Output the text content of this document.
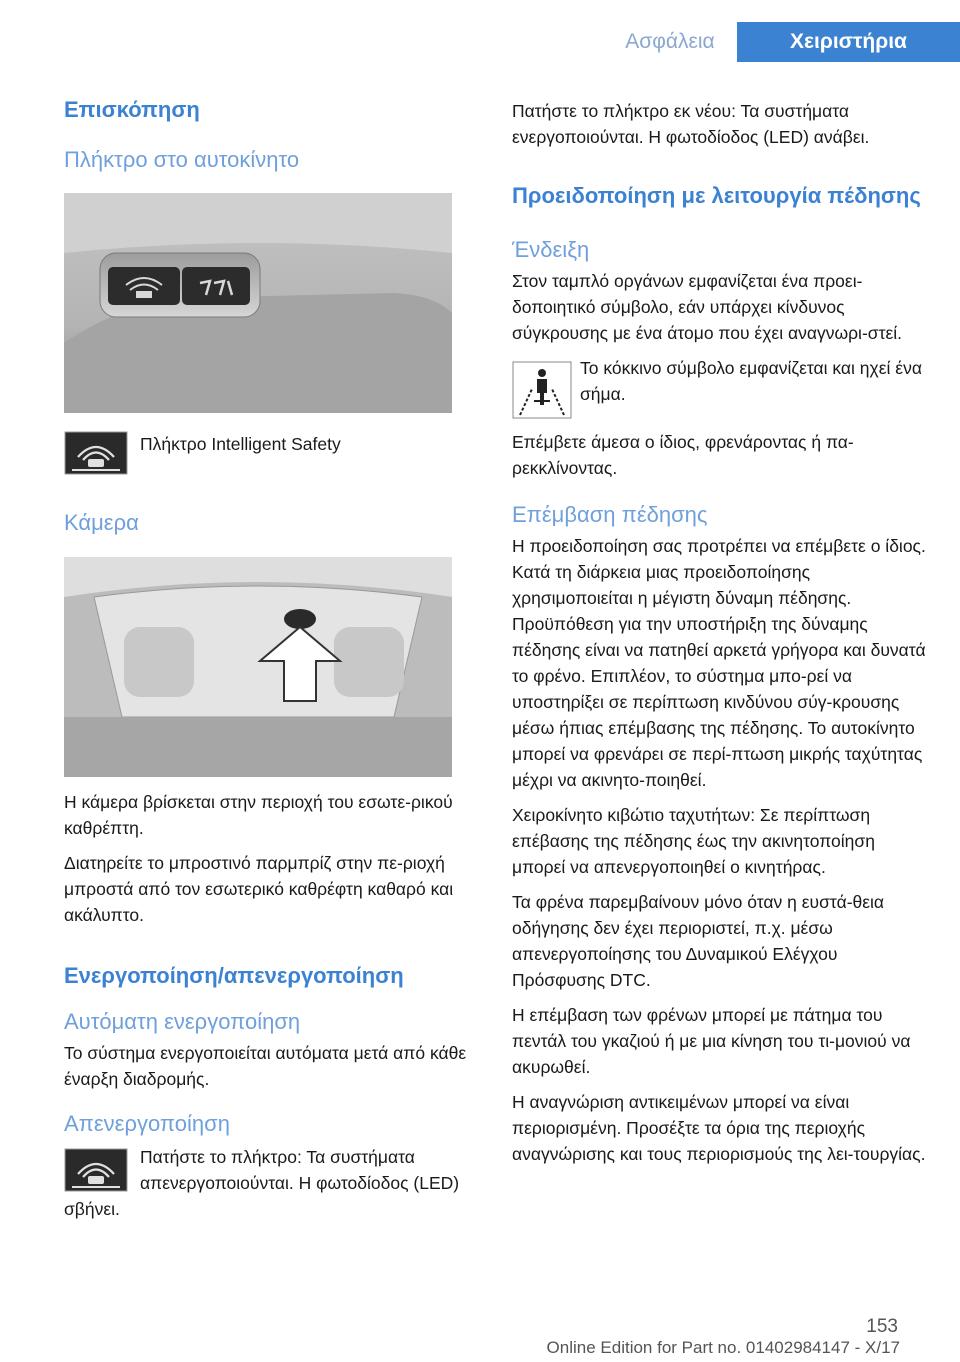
Ασφάλεια	Χειριστήρια
Επισκόπηση
Πλήκτρο στο αυτοκίνητο
Πλήκτρο Intelligent Safety
Κάμερα

Η κάμερα βρίσκεται στην περιοχή του εσωτε-ρικού καθρέπτη.

Διατηρείτε το μπροστινό παρμπρίζ στην πε-ριοχή μπροστά από τον εσωτερικό καθρέφτη καθαρό και ακάλυπτο.

Ενεργοποίηση/απενεργοποίηση
Αυτόματη ενεργοποίηση

Το σύστημα ενεργοποιείται αυτόματα μετά από κάθε έναρξη διαδρομής.

Απενεργοποίηση

Πατήστε το πλήκτρο: Τα συστήματα απενεργοποιούνται. Η φωτοδίοδος (LED) σβήνει.

Πατήστε το πλήκτρο εκ νέου: Τα συστήματα ενεργοποιούνται. Η φωτοδίοδος (LED) ανάβει.

Προειδοποίηση με λειτουργία πέδησης
Ένδειξη

Στον ταμπλό οργάνων εμφανίζεται ένα προει-δοποιητικό σύμβολο, εάν υπάρχει κίνδυνος σύγκρουσης με ένα άτομο που έχει αναγνωρι-στεί.

Το κόκκινο σύμβολο εμφανίζεται και ηχεί ένα σήμα.

Επέμβετε άμεσα ο ίδιος, φρενάροντας ή πα-ρεκκλίνοντας.

Επέμβαση πέδησης

Η προειδοποίηση σας προτρέπει να επέμβετε ο ίδιος. Κατά τη διάρκεια μιας προειδοποίησης χρησιμοποιείται η μέγιστη δύναμη πέδησης. Προϋπόθεση για την υποστήριξη της δύναμης πέδησης είναι να πατηθεί αρκετά γρήγορα και δυνατά το φρένο. Επιπλέον, το σύστημα μπο-ρεί να υποστηρίξει σε περίπτωση κινδύνου σύγ-κρουσης μέσω ήπιας επέμβασης της πέδησης. Το αυτοκίνητο μπορεί να φρενάρει σε περί-πτωση μικρής ταχύτητας μέχρι να ακινητο-ποιηθεί.

Χειροκίνητο κιβώτιο ταχυτήτων: Σε περίπτωση επέβασης της πέδησης έως την ακινητοποίηση μπορεί να απενεργοποιηθεί ο κινητήρας.

Τα φρένα παρεμβαίνουν μόνο όταν η ευστά-θεια οδήγησης δεν έχει περιοριστεί, π.χ. μέσω απενεργοποίησης του Δυναμικού Ελέγχου Πρόσφυσης DTC.

Η επέμβαση των φρένων μπορεί με πάτημα του πεντάλ του γκαζιού ή με μια κίνηση του τι-μονιού να ακυρωθεί.

Η αναγνώριση αντικειμένων μπορεί να είναι περιορισμένη. Προσέξτε τα όρια της περιοχής αναγνώρισης και τους περιορισμούς της λει-τουργίας.

153
Online Edition for Part no. 01402984147 - X/17
